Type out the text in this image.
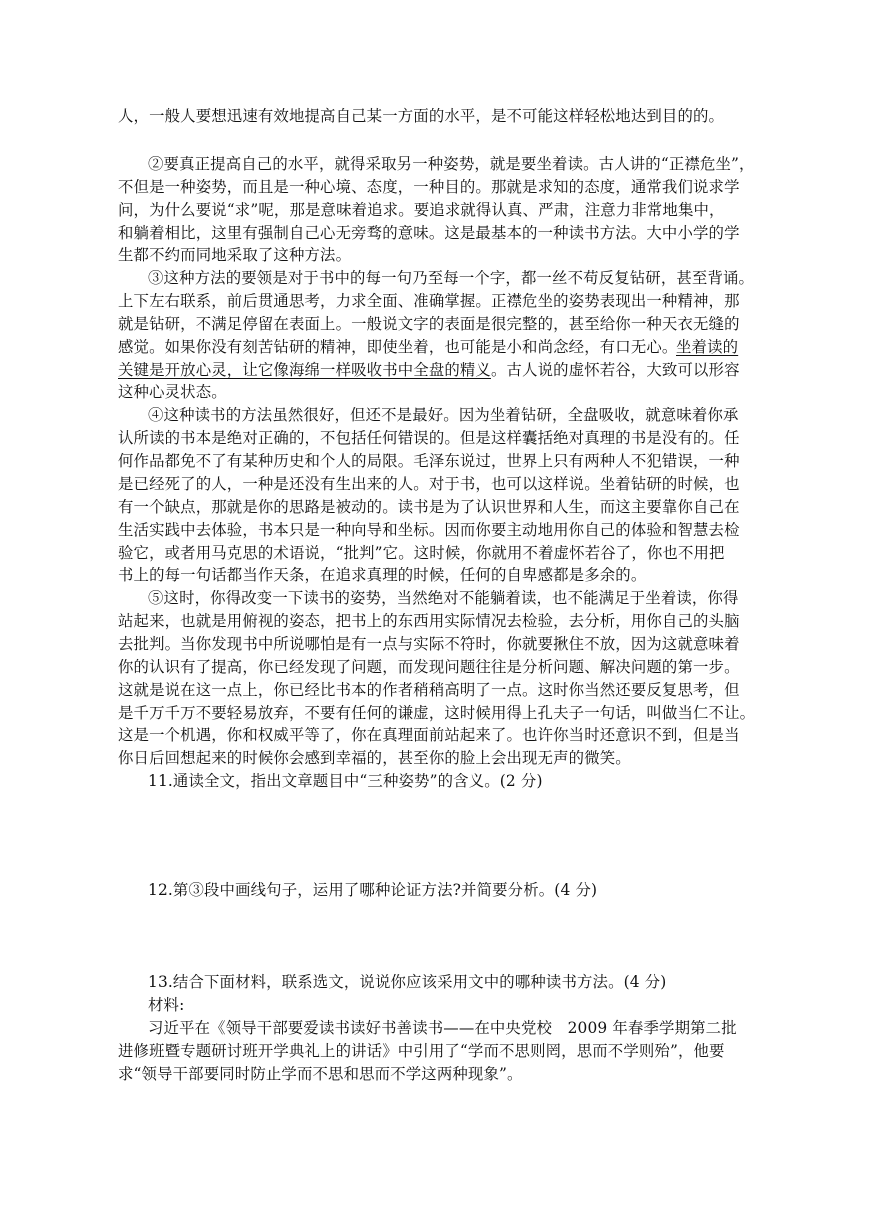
人，一般人要想迅速有效地提高自己某一方面的水平，是不可能这样轻松地达到目的的。
②要真正提高自己的水平，就得采取另一种姿势，就是要坐着读。古人讲的“正襟危坐”，
不但是一种姿势，而且是一种心境、态度，一种目的。那就是求知的态度，通常我们说求学
问，为什么要说“求”呢，那是意味着追求。要追求就得认真、严肃，注意力非常地集中，
和躺着相比，这里有强制自己心无旁骛的意味。这是最基本的一种读书方法。大中小学的学
生都不约而同地采取了这种方法。
③这种方法的要领是对于书中的每一句乃至每一个字，都一丝不苟反复钻研，甚至背诵。
上下左右联系，前后贯通思考，力求全面、准确掌握。正襟危坐的姿势表现出一种精神，那
就是钻研，不满足停留在表面上。一般说文字的表面是很完整的，甚至给你一种天衣无缝的
感觉。如果你没有刻苦钻研的精神，即使坐着，也可能是小和尚念经，有口无心。
坐着读的
关键是开放心灵，让它像海绵一样吸收书中全盘的精义。古人说的虚怀若谷，大致可以形容
这种心灵状态。
④这种读书的方法虽然很好，但还不是最好。因为坐着钻研，全盘吸收，就意味着你承
认所读的书本是绝对正确的，不包括任何错误的。但是这样囊括绝对真理的书是没有的。任
何作品都免不了有某种历史和个人的局限。毛泽东说过，世界上只有两种人不犯错误，一种
是已经死了的人，一种是还没有生出来的人。对于书，也可以这样说。坐着钻研的时候，也
有一个缺点，那就是你的思路是被动的。读书是为了认识世界和人生，而这主要靠你自己在
生活实践中去体验，书本只是一种向导和坐标。因而你要主动地用你自己的体验和智慧去检
验它，或者用马克思的术语说，“批判”它。这时候，你就用不着虚怀若谷了，你也不用把
书上的每一句话都当作天条，在追求真理的时候，任何的自卑感都是多余的。
⑤这时，你得改变一下读书的姿势，当然绝对不能躺着读，也不能满足于坐着读，你得
站起来，也就是用俯视的姿态，把书上的东西用实际情况去检验，去分析，用你自己的头脑
去批判。当你发现书中所说哪怕是有一点与实际不符时，你就要揪住不放，因为这就意味着
你的认识有了提高，你已经发现了问题，而发现问题往往是分析问题、解决问题的第一步。
这就是说在这一点上，你已经比书本的作者稍稍高明了一点。这时你当然还要反复思考，但
是千万千万不要轻易放弃，不要有任何的谦虚，这时候用得上孔夫子一句话，叫做当仁不让。
这是一个机遇，你和权威平等了，你在真理面前站起来了。也许你当时还意识不到，但是当
你日后回想起来的时候你会感到幸福的，甚至你的脸上会出现无声的微笑。
11.通读全文，指出文章题目中“三种姿势”的含义。(2 分)
12.第③段中画线句子，运用了哪种论证方法?并简要分析。(4 分)
13.结合下面材料，联系选文，说说你应该采用文中的哪种读书方法。(4 分)
材料:
习近平在《领导干部要爱读书读好书善读书——在中央党校　2009 年春季学期第二批
进修班暨专题研讨班开学典礼上的讲话》中引用了“学而不思则罔，思而不学则殆”，他要
求“领导干部要同时防止学而不思和思而不学这两种现象”。
